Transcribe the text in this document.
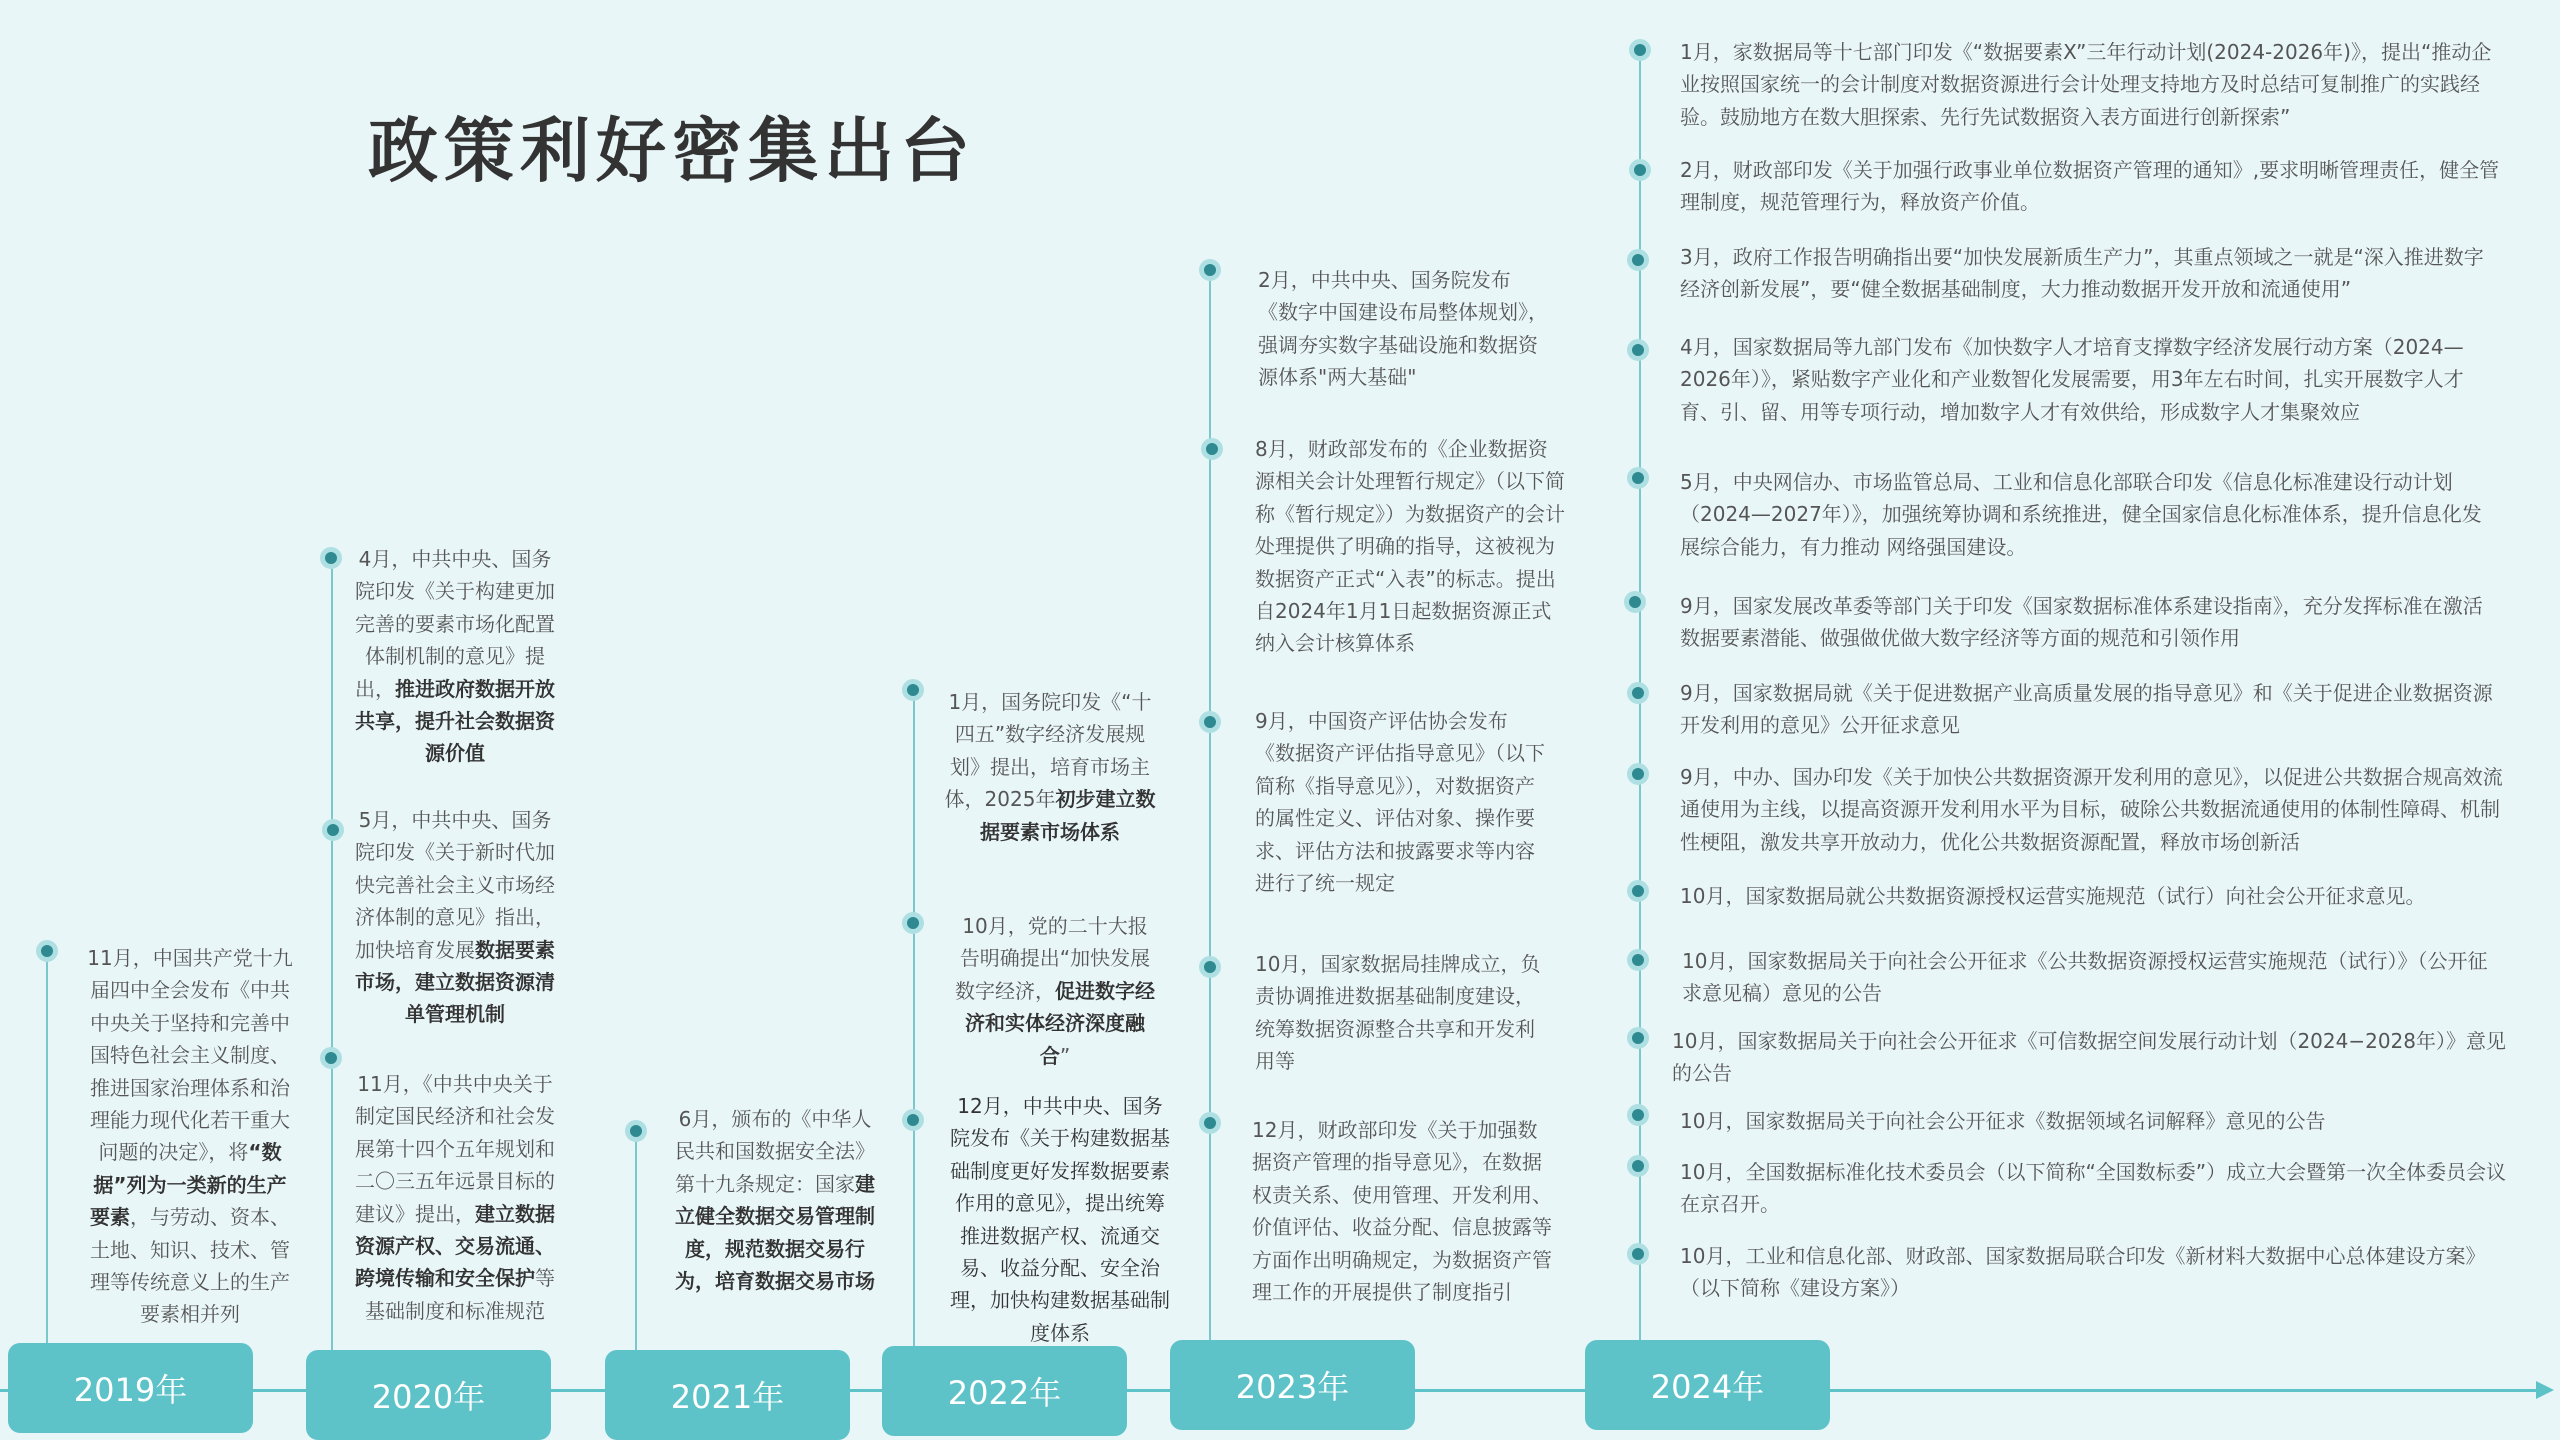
政策利好密集出台
11月，中国共产党十九届四中全会发布《中共中央关于坚持和完善中国特色社会主义制度、推进国家治理体系和治理能力现代化若干重大问题的决定》，将“数据”列为一类新的生产要素，与劳动、资本、土地、知识、技术、管理等传统意义上的生产要素相并列
4月，中共中央、国务院印发《关于构建更加完善的要素市场化配置体制机制的意见》提出，推进政府数据开放共享，提升社会数据资源价值
5月，中共中央、国务院印发《关于新时代加快完善社会主义市场经济体制的意见》指出，加快培育发展数据要素市场，建立数据资源清单管理机制
11月，《中共中央关于制定国民经济和社会发展第十四个五年规划和二〇三五年远景目标的建议》提出，建立数据资源产权、交易流通、跨境传输和安全保护等基础制度和标准规范
6月，颁布的《中华人民共和国数据安全法》第十九条规定：国家建立健全数据交易管理制度，规范数据交易行为，培育数据交易市场
1月，国务院印发《“十四五”数字经济发展规划》提出，培育市场主体，2025年初步建立数据要素市场体系
10月，党的二十大报告明确提出“加快发展数字经济，促进数字经济和实体经济深度融合”
12月，中共中央、国务院发布《关于构建数据基础制度更好发挥数据要素作用的意见》，提出统筹推进数据产权、流通交易、收益分配、安全治理，加快构建数据基础制度体系
2月，中共中央、国务院发布《数字中国建设布局整体规划》，强调夯实数字基础设施和数据资源体系"两大基础"
8月，财政部发布的《企业数据资源相关会计处理暂行规定》（以下简称《暂行规定》）为数据资产的会计处理提供了明确的指导，这被视为数据资产正式“入表”的标志。提出自2024年1月1日起数据资源正式纳入会计核算体系
9月，中国资产评估协会发布《数据资产评估指导意见》（以下简称《指导意见》），对数据资产的属性定义、评估对象、操作要求、评估方法和披露要求等内容进行了统一规定
10月，国家数据局挂牌成立，负责协调推进数据基础制度建设，统筹数据资源整合共享和开发利用等
12月，财政部印发《关于加强数据资产管理的指导意见》，在数据权责关系、使用管理、开发利用、价值评估、收益分配、信息披露等方面作出明确规定，为数据资产管理工作的开展提供了制度指引
1月，家数据局等十七部门印发《“数据要素X”三年行动计划(2024-2026年)》，提出“推动企业按照国家统一的会计制度对数据资源进行会计处理支持地方及时总结可复制推广的实践经验。鼓励地方在数大胆探索、先行先试数据资入表方面进行创新探索”
2月，财政部印发《关于加强行政事业单位数据资产管理的通知》,要求明晰管理责任，健全管理制度，规范管理行为，释放资产价值。
3月，政府工作报告明确指出要“加快发展新质生产力”，其重点领域之一就是“深入推进数字经济创新发展”，要“健全数据基础制度，大力推动数据开发开放和流通使用”
4月，国家数据局等九部门发布《加快数字人才培育支撑数字经济发展行动方案（2024—2026年）》，紧贴数字产业化和产业数智化发展需要，用3年左右时间，扎实开展数字人才育、引、留、用等专项行动，增加数字人才有效供给，形成数字人才集聚效应
5月，中央网信办、市场监管总局、工业和信息化部联合印发《信息化标准建设行动计划（2024—2027年）》，加强统筹协调和系统推进，健全国家信息化标准体系，提升信息化发展综合能力，有力推动 网络强国建设。
9月，国家发展改革委等部门关于印发《国家数据标准体系建设指南》，充分发挥标准在激活数据要素潜能、做强做优做大数字经济等方面的规范和引领作用
9月，国家数据局就《关于促进数据产业高质量发展的指导意见》和《关于促进企业数据资源开发利用的意见》公开征求意见
9月，中办、国办印发《关于加快公共数据资源开发利用的意见》，以促进公共数据合规高效流通使用为主线，以提高资源开发利用水平为目标，破除公共数据流通使用的体制性障碍、机制性梗阻，激发共享开放动力，优化公共数据资源配置，释放市场创新活
10月，国家数据局就公共数据资源授权运营实施规范（试行）向社会公开征求意见。
10月，国家数据局关于向社会公开征求《公共数据资源授权运营实施规范（试行）》（公开征求意见稿）意见的公告
10月，国家数据局关于向社会公开征求《可信数据空间发展行动计划（2024−2028年）》意见的公告
10月，国家数据局关于向社会公开征求《数据领域名词解释》意见的公告
10月，全国数据标准化技术委员会（以下简称“全国数标委”）成立大会暨第一次全体委员会议在京召开。
10月，工业和信息化部、财政部、国家数据局联合印发《新材料大数据中心总体建设方案》（以下简称《建设方案》）
2019年	2020年	2021年	2022年	2023年	2024年
